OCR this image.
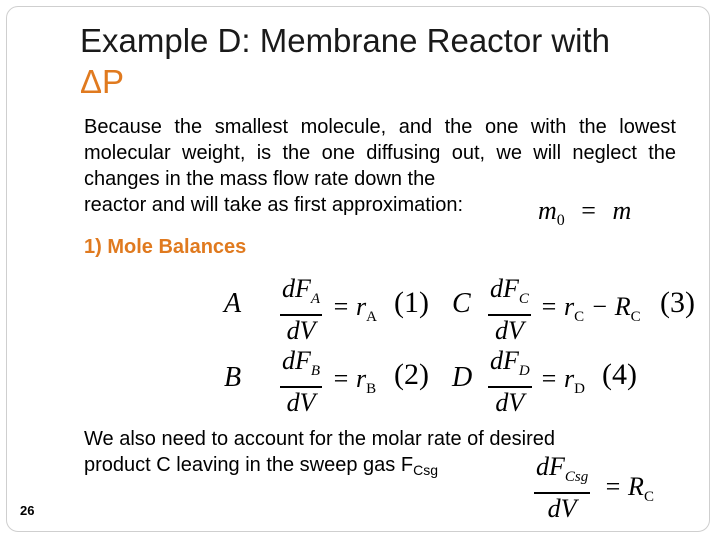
Example D: Membrane Reactor with
ΔP
Because the smallest molecule, and the one with the lowest molecular weight, is the one diffusing out, we will neglect the changes in the mass flow rate down the
reactor and will take as first approximation:	$m_0 = m$
1) Mole Balances
A $dF_A$
dV
= $r_A$ (1) C $dF_C$
dV
= $r_C - R_C$ (3)
B
$dF_B$
dV
= $r_B$ (2) D
$dF_D$
dV
= $r_D$ (4)
We also need to account for the molar rate of desired
product C leaving in the sweep gas $F_{Csg}$	$dF_{Csg}$
dV
= $R_C$
26
